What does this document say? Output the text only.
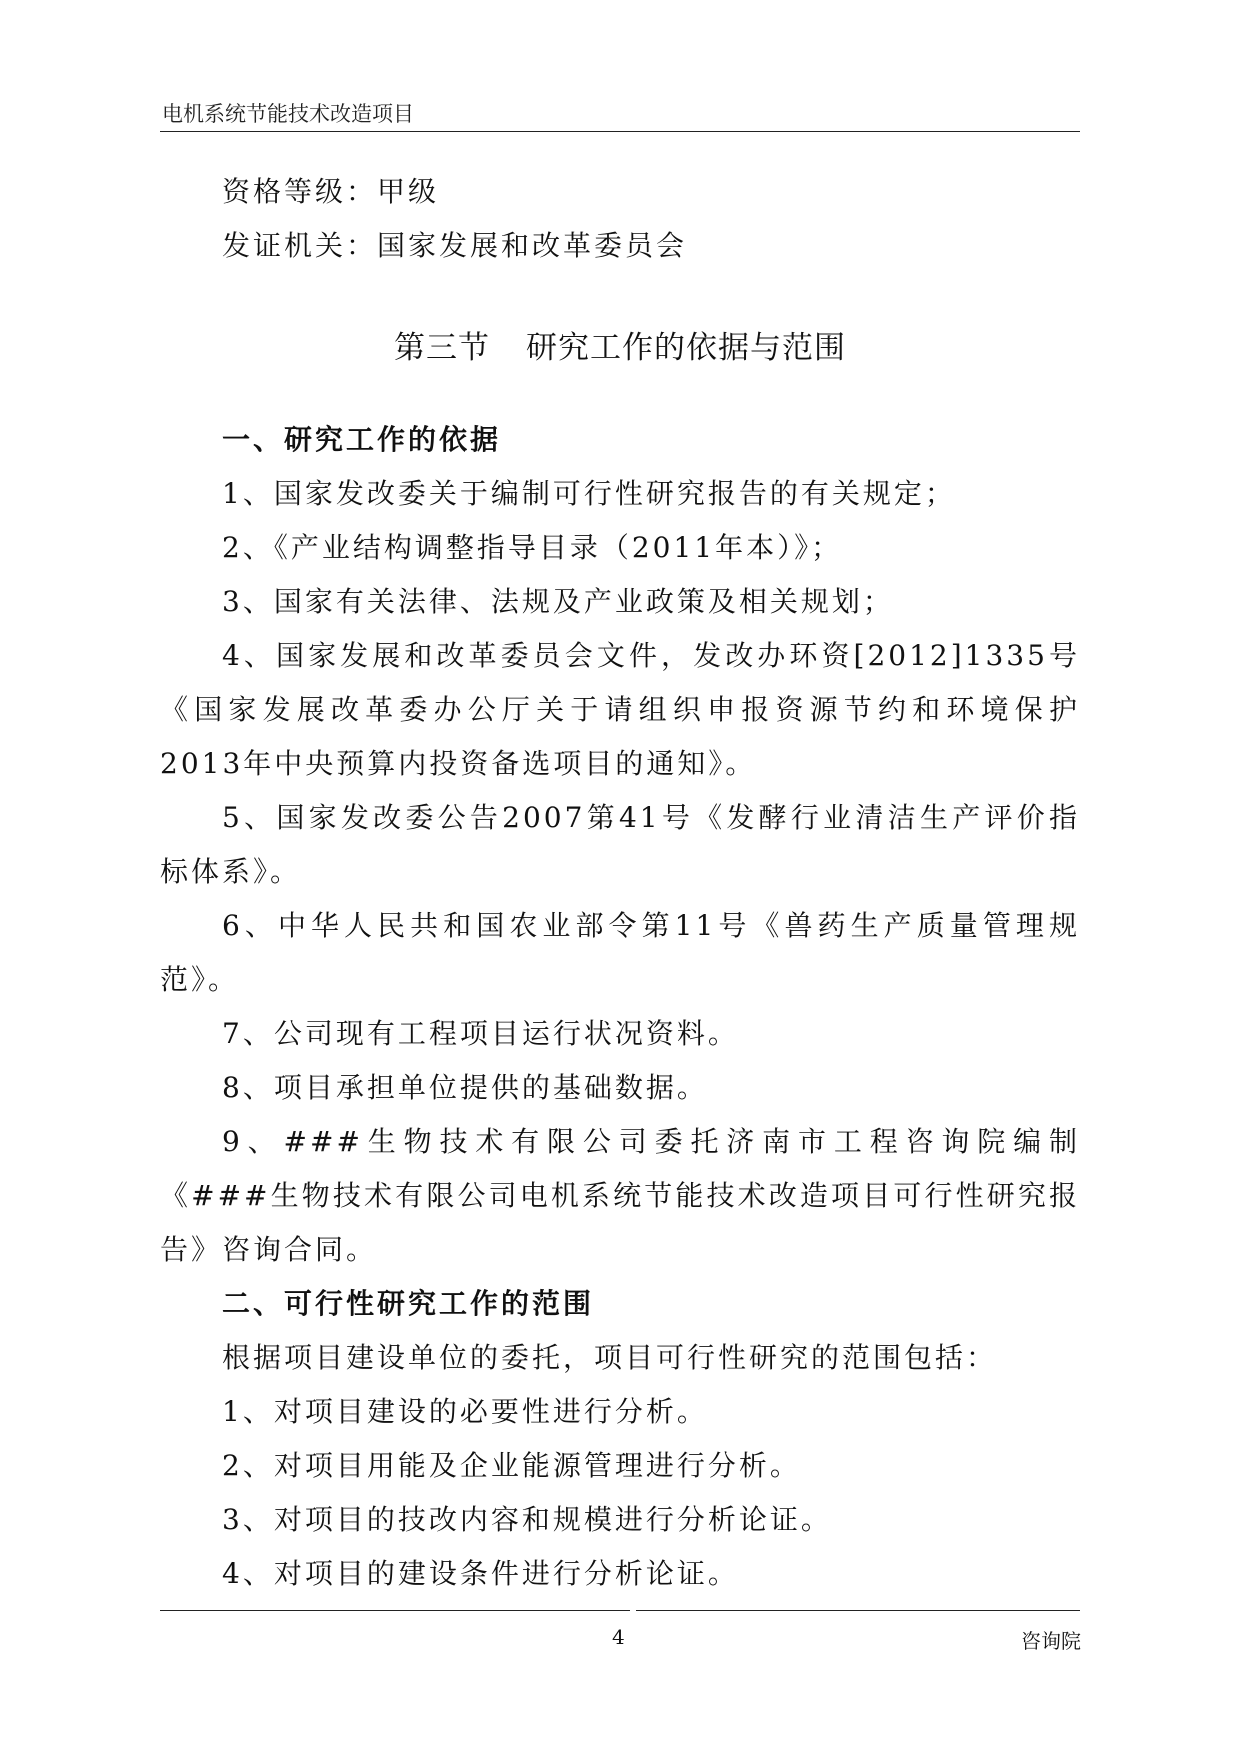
电机系统节能技术改造项目

资格等级：甲级

发证机关：国家发展和改革委员会

第三节 研究工作的依据与范围

一、研究工作的依据

1、国家发改委关于编制可行性研究报告的有关规定；

2、《产业结构调整指导目录（2011年本）》；

3、国家有关法律、法规及产业政策及相关规划；

4、国家发展和改革委员会文件，发改办环资[2012]1335号《国家发展改革委办公厅关于请组织申报资源节约和环境保护2013年中央预算内投资备选项目的通知》。

5、国家发改委公告2007第41号《发酵行业清洁生产评价指标体系》。

6、中华人民共和国农业部令第11号《兽药生产质量管理规范》。

7、公司现有工程项目运行状况资料。

8、项目承担单位提供的基础数据。

9、###生物技术有限公司委托济南市工程咨询院编制《###生物技术有限公司电机系统节能技术改造项目可行性研究报告》咨询合同。

二、可行性研究工作的范围

根据项目建设单位的委托，项目可行性研究的范围包括：

1、对项目建设的必要性进行分析。

2、对项目用能及企业能源管理进行分析。

3、对项目的技改内容和规模进行分析论证。

4、对项目的建设条件进行分析论证。

4	咨询院
